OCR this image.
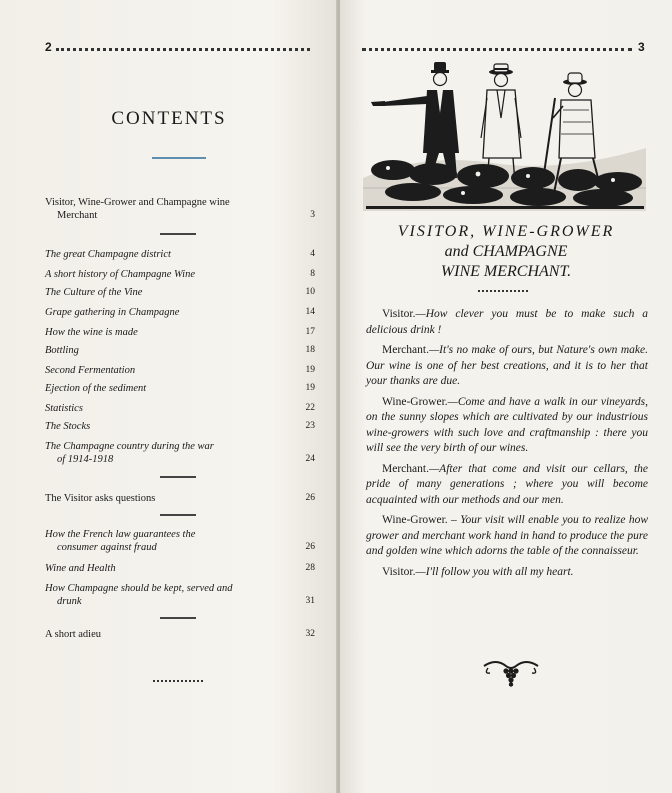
2
CONTENTS
Visitor, Wine-Grower and Champagne wine
Merchant	3
The great Champagne district	4
A short history of Champagne Wine	8
The Culture of the Vine	10
Grape gathering in Champagne	14
How the wine is made	17
Bottling	18
Second Fermentation	19
Ejection of the sediment	19
Statistics	22
The Stocks	23
The Champagne country during the war
of 1914-1918	24
The Visitor asks questions	26
How the French law guarantees the
consumer against fraud	26
Wine and Health	28
How Champagne should be kept, served and
drunk	31
A short adieu	32
3
VISITOR, WINE-GROWER
and CHAMPAGNE
WINE MERCHANT.

Visitor.—How clever you must be to make such a delicious drink !

Merchant.—It's no make of ours, but Nature's own make. Our wine is one of her best creations, and it is to her that your thanks are due.

Wine-Grower.—Come and have a walk in our vineyards, on the sunny slopes which are cultivated by our industrious wine-growers with such love and craftmanship : there you will see the very birth of our wines.

Merchant.—After that come and visit our cellars, the pride of many generations ; where you will become acquainted with our methods and our men.

Wine-Grower. – Your visit will enable you to realize how grower and merchant work hand in hand to produce the pure and golden wine which adorns the table of the connaisseur.

Visitor.—I'll follow you with all my heart.
